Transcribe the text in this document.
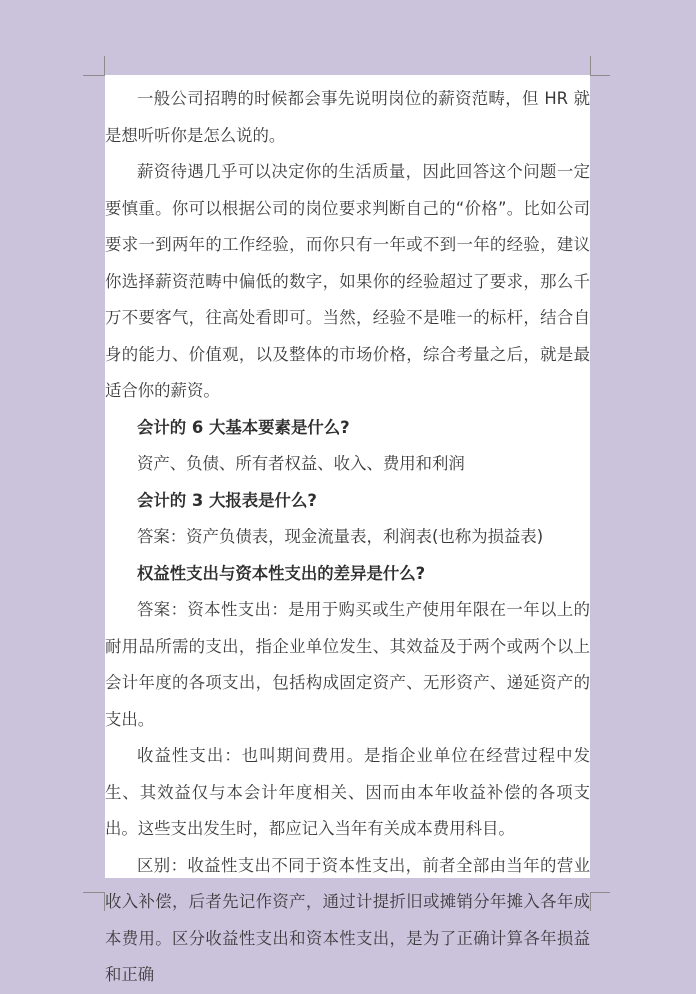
一般公司招聘的时候都会事先说明岗位的薪资范畴，但 HR 就是想听听你是怎么说的。

薪资待遇几乎可以决定你的生活质量，因此回答这个问题一定要慎重。你可以根据公司的岗位要求判断自己的“价格”。比如公司要求一到两年的工作经验，而你只有一年或不到一年的经验，建议你选择薪资范畴中偏低的数字，如果你的经验超过了要求，那么千万不要客气，往高处看即可。当然，经验不是唯一的标杆，结合自身的能力、价值观，以及整体的市场价格，综合考量之后，就是最适合你的薪资。

会计的 6 大基本要素是什么?

资产、负债、所有者权益、收入、费用和利润

会计的 3 大报表是什么?

答案：资产负债表，现金流量表，利润表(也称为损益表)

权益性支出与资本性支出的差异是什么?

答案：资本性支出：是用于购买或生产使用年限在一年以上的耐用品所需的支出，指企业单位发生、其效益及于两个或两个以上会计年度的各项支出，包括构成固定资产、无形资产、递延资产的支出。

收益性支出：也叫期间费用。是指企业单位在经营过程中发生、其效益仅与本会计年度相关、因而由本年收益补偿的各项支出。这些支出发生时，都应记入当年有关成本费用科目。

区别：收益性支出不同于资本性支出，前者全部由当年的营业收入补偿，后者先记作资产，通过计提折旧或摊销分年摊入各年成本费用。区分收益性支出和资本性支出，是为了正确计算各年损益和正确
